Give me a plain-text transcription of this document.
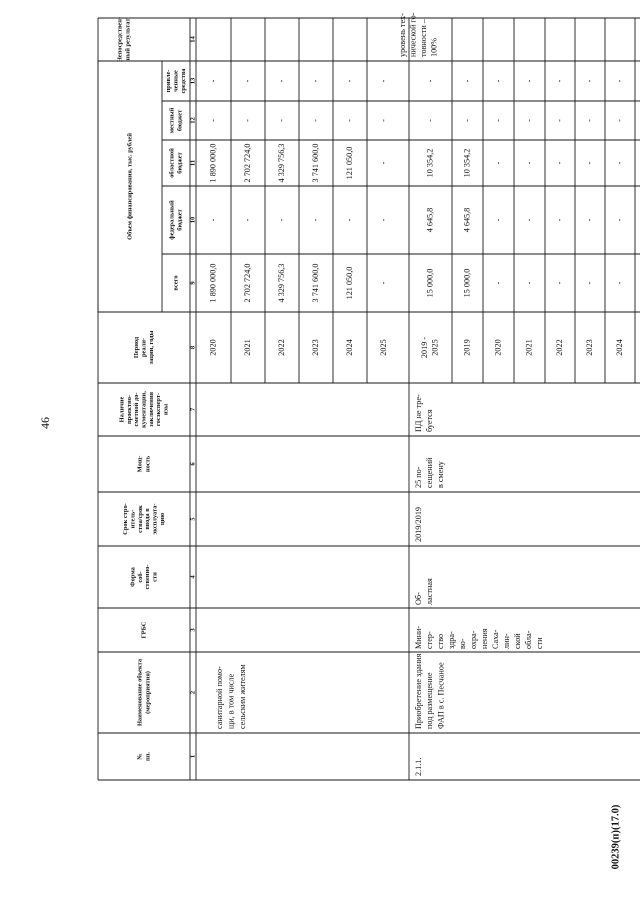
46
00239(п)(17.0)
№ пп.
Наименование объекта (мероприятия)
ГРБС
Форма соб- ственно- сти
Срок стро- итель- ства/срок ввода в эксплуата- цию
Мощ- ность
Наличие проектно- сметной до- кументации, заключения госэксперт- изы
Период реали- зации, годы
Объем финансирования, тыс. рублей
всего
федеральный бюджет
областной бюджет
местный бюджет
привле- ченные средства
Непосредствен- ный результат
1
2
3
4
5
6
7
8
9
10
11
12
13
14
санитарной помо- щи, в том числе сельским жителям
2020
1 890 000,0
-
1 890 000,0
-
-
2021
2 702 724,0
-
2 702 724,0
-
-
2022
4 329 756,3
-
4 329 756,3
-
-
2023
3 741 600,0
-
3 741 600,0
-
-
2024
121 050,0
-
121 050,0
-
-
2025
-
-
-
-
-
2.1.1.
Приобретение здания под размещение ФАП в с. Песчаное
Мини- стер- ство здра- во- охра- нения Саха- лин- ской обла- сти
Об- ластная
2019/2019
25 по- сещений в смену
ПД не тре- буется
2019 - 2025
15 000,0
4 645,8
10 354,2
-
-
уровень тех- нической го- товности – 100%
2019
15 000,0
4 645,8
10 354,2
-
-
2020
-
-
-
-
-
2021
-
-
-
-
-
2022
-
-
-
-
-
2023
-
-
-
-
-
2024
-
-
-
-
-
